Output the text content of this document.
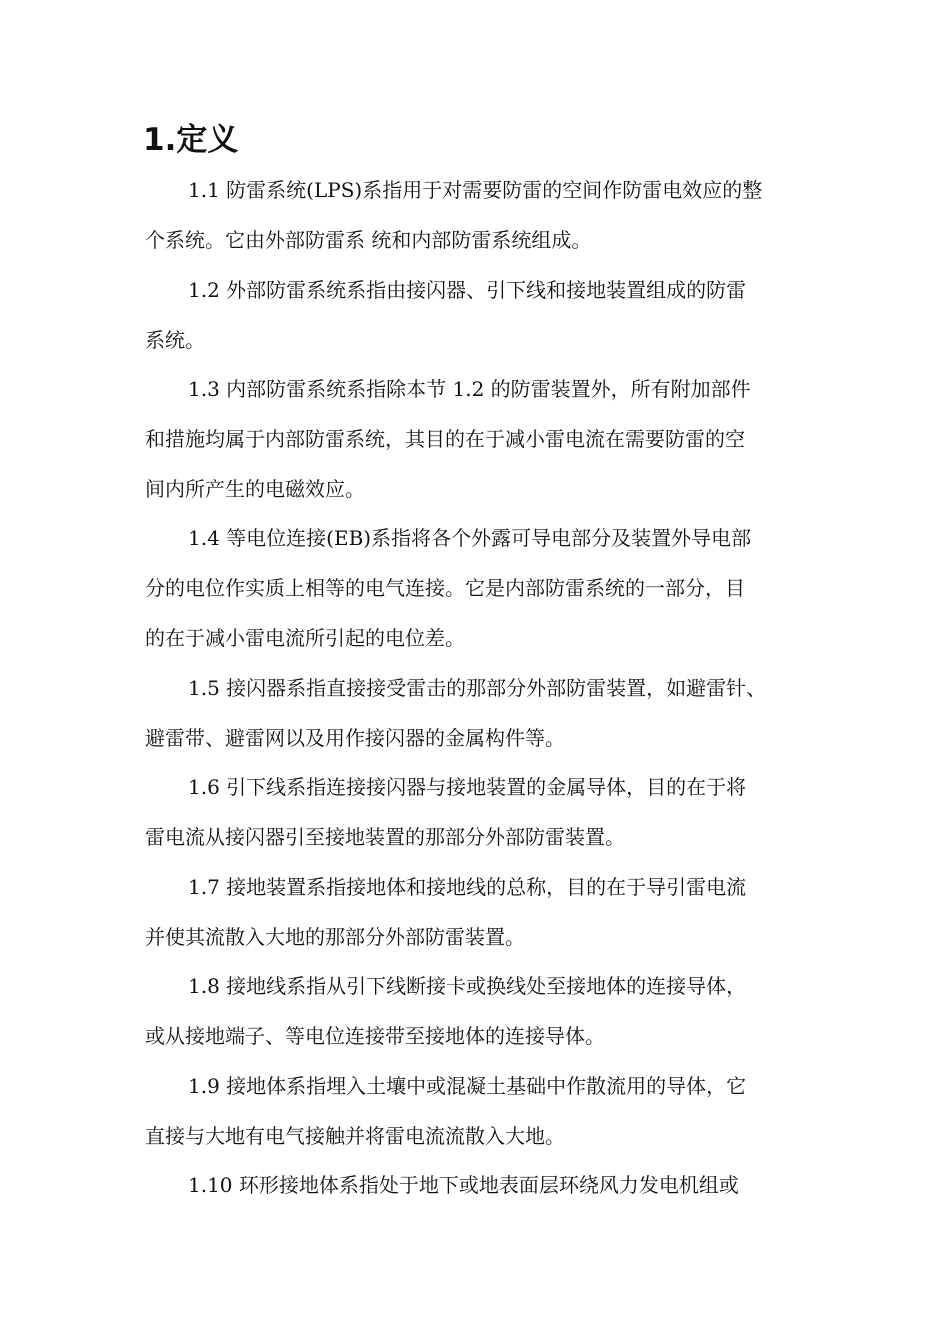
1.定义

1.1 防雷系统(LPS)系指用于对需要防雷的空间作防雷电效应的整

个系统。它由外部防雷系 统和内部防雷系统组成。

1.2 外部防雷系统系指由接闪器、引下线和接地装置组成的防雷

系统。

1.3 内部防雷系统系指除本节 1.2 的防雷装置外，所有附加部件

和措施均属于内部防雷系统，其目的在于减小雷电流在需要防雷的空

间内所产生的电磁效应。

1.4 等电位连接(EB)系指将各个外露可导电部分及装置外导电部

分的电位作实质上相等的电气连接。它是内部防雷系统的一部分，目

的在于减小雷电流所引起的电位差。

1.5 接闪器系指直接接受雷击的那部分外部防雷装置，如避雷针、

避雷带、避雷网以及用作接闪器的金属构件等。

1.6 引下线系指连接接闪器与接地装置的金属导体，目的在于将

雷电流从接闪器引至接地装置的那部分外部防雷装置。

1.7 接地装置系指接地体和接地线的总称，目的在于导引雷电流

并使其流散入大地的那部分外部防雷装置。

1.8 接地线系指从引下线断接卡或换线处至接地体的连接导体，

或从接地端子、等电位连接带至接地体的连接导体。

1.9 接地体系指埋入土壤中或混凝土基础中作散流用的导体，它

直接与大地有电气接触并将雷电流流散入大地。

1.10 环形接地体系指处于地下或地表面层环绕风力发电机组或
